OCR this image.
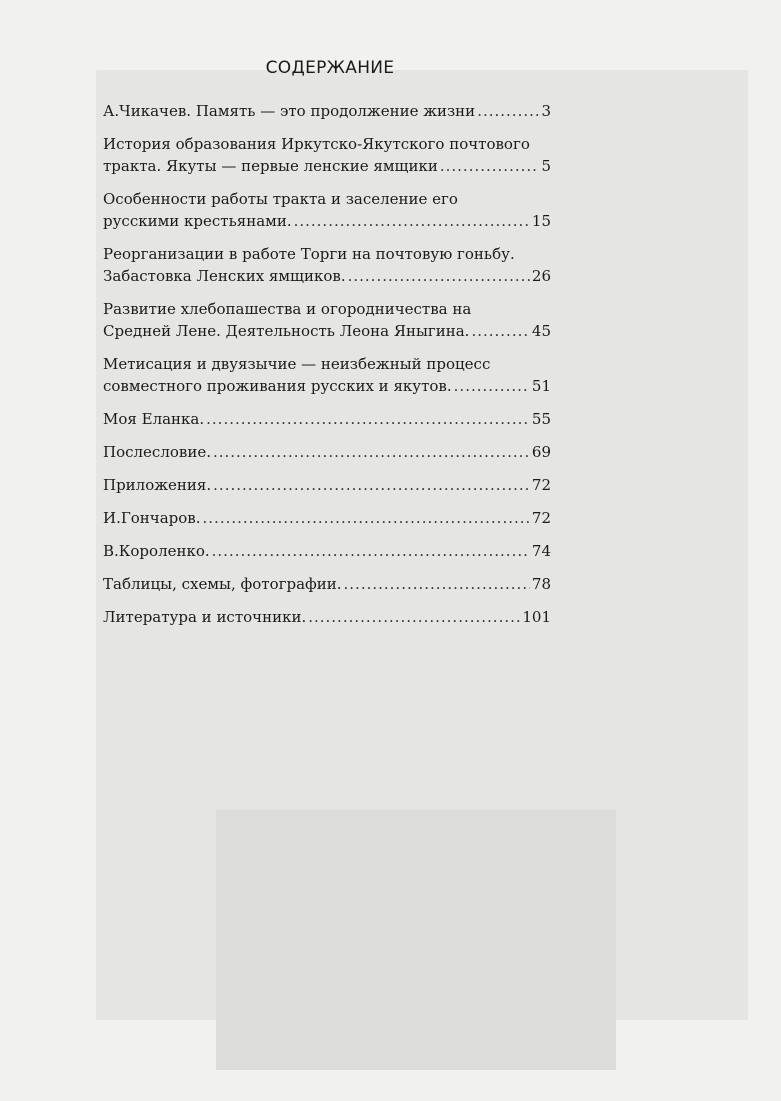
СОДЕРЖАНИЕ
А.Чикачев. Память — это продолжение жизни .....	3
История образования Иркутско-Якутского почтового
тракта. Якуты — первые ленские ямщики .....	5
Особенности работы тракта и заселение его
русскими крестьянами. .....	15
Реорганизации в работе Торги на почтовую гоньбу.
Забастовка Ленских ямщиков. .....	26
Развитие хлебопашества и огородничества на
Средней Лене. Деятельность Леона Яныгина. .....	45
Метисация и двуязычие — неизбежный процесс
совместного проживания русских и якутов. .....	51
Моя Еланка. .....	55
Послесловие. .....	69
Приложения. .....	72
И.Гончаров. .....	72
В.Короленко. .....	74
Таблицы, схемы, фотографии. .....	78
Литература и источники. .....	101
